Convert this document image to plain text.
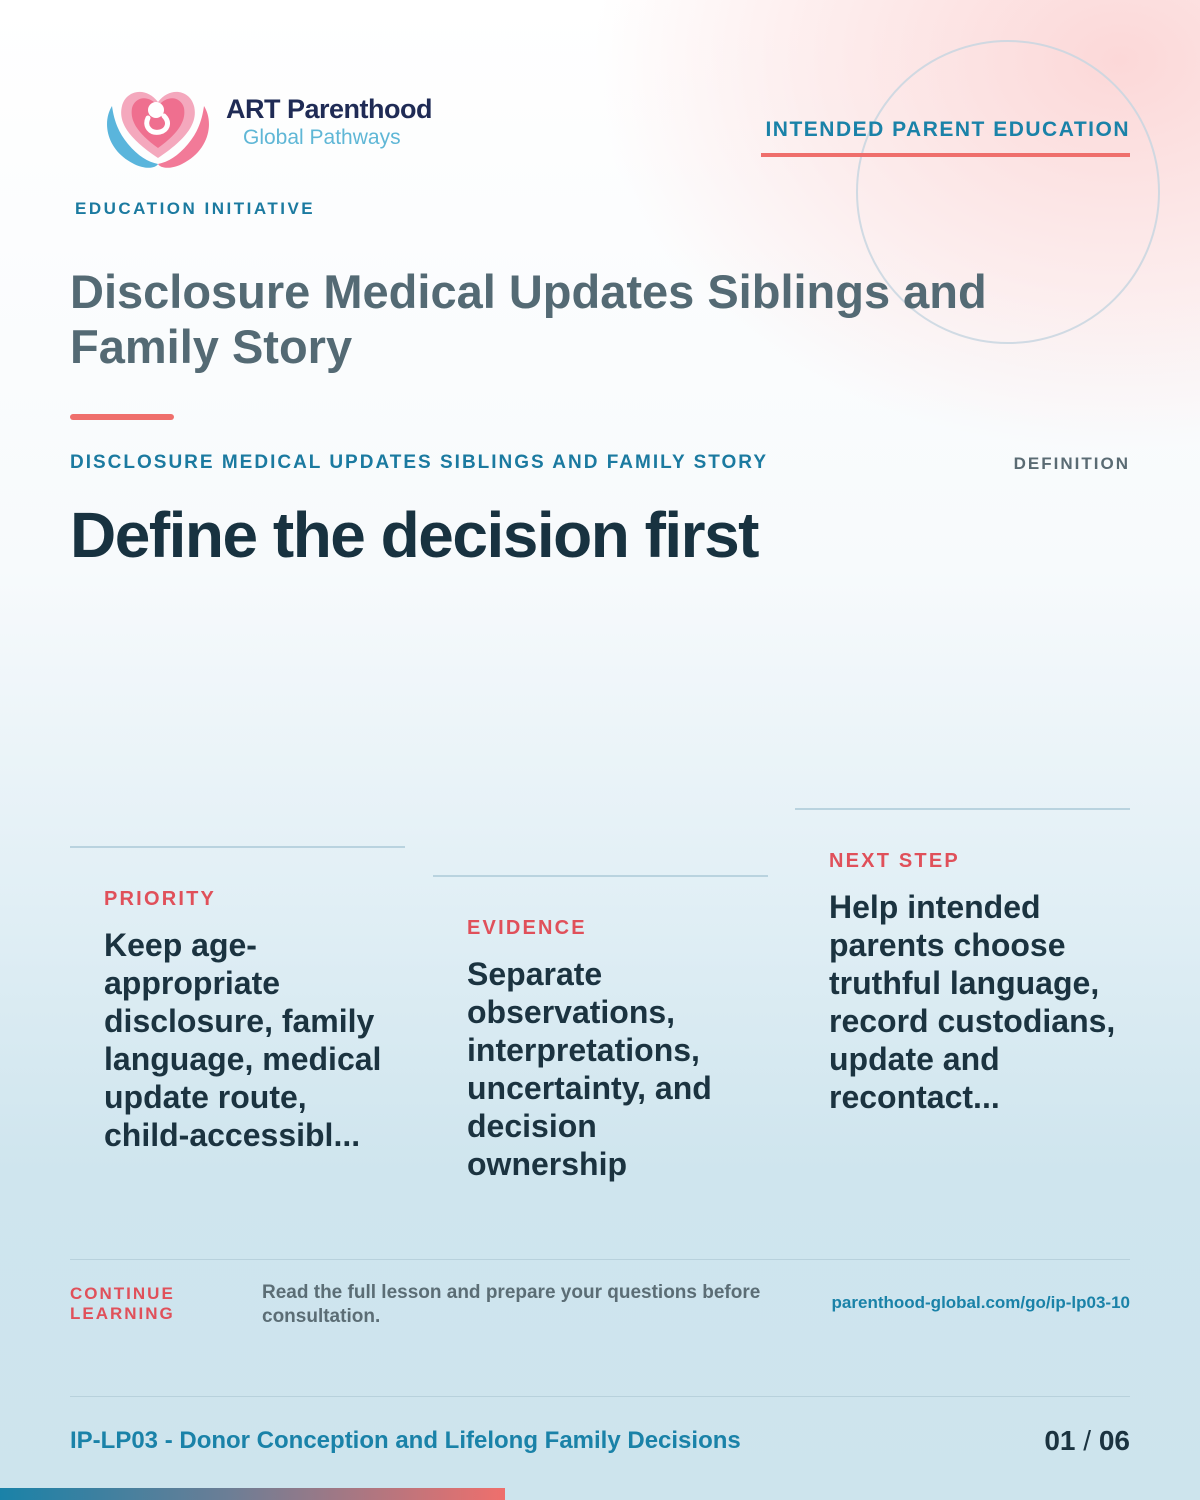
ART Parenthood
Global Pathways
EDUCATION INITIATIVE
INTENDED PARENT EDUCATION
Disclosure Medical Updates Siblings and Family Story
DISCLOSURE MEDICAL UPDATES SIBLINGS AND FAMILY STORY	DEFINITION
Define the decision first
PRIORITY
Keep age-appropriate disclosure, family language, medical update route, child-accessibl...
EVIDENCE
Separate observations, interpretations, uncertainty, and decision ownership
NEXT STEP
Help intended parents choose truthful language, record custodians, update and recontact...
CONTINUE LEARNING
Read the full lesson and prepare your questions before consultation.
parenthood-global.com/go/ip-lp03-10
IP-LP03 - Donor Conception and Lifelong Family Decisions	01 / 06
